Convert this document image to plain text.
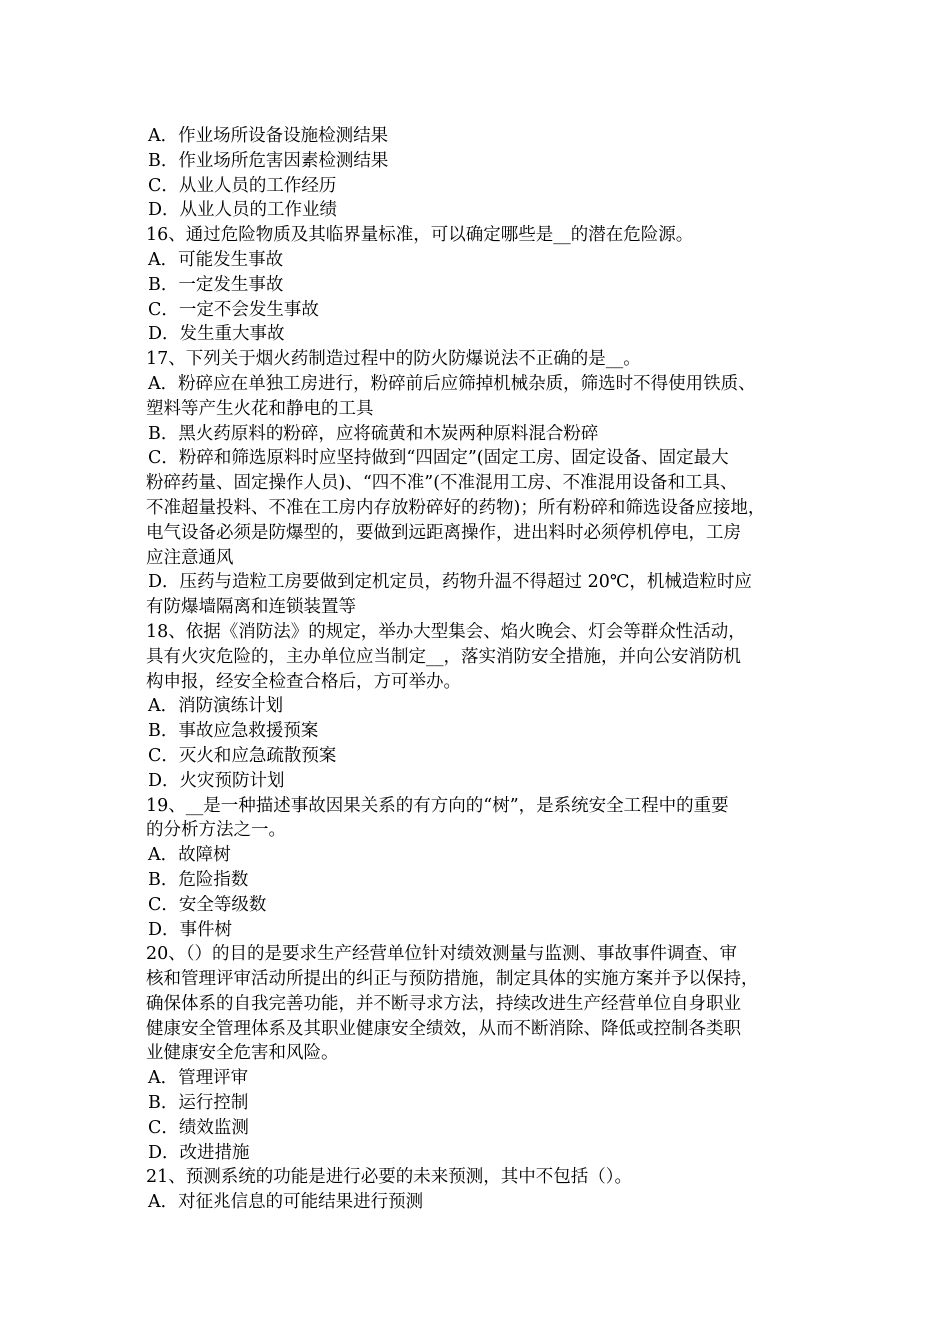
A．作业场所设备设施检测结果

B．作业场所危害因素检测结果

C．从业人员的工作经历

D．从业人员的工作业绩

16、通过危险物质及其临界量标准，可以确定哪些是__的潜在危险源。

A．可能发生事故

B．一定发生事故

C．一定不会发生事故

D．发生重大事故

17、下列关于烟火药制造过程中的防火防爆说法不正确的是__。

A．粉碎应在单独工房进行，粉碎前后应筛掉机械杂质，筛选时不得使用铁质、

塑料等产生火花和静电的工具

B．黑火药原料的粉碎，应将硫黄和木炭两种原料混合粉碎

C．粉碎和筛选原料时应坚持做到“四固定”(固定工房、固定设备、固定最大

粉碎药量、固定操作人员)、“四不准”(不准混用工房、不准混用设备和工具、

不准超量投料、不准在工房内存放粉碎好的药物)；所有粉碎和筛选设备应接地，

电气设备必须是防爆型的，要做到远距离操作，进出料时必须停机停电，工房

应注意通风

D．压药与造粒工房要做到定机定员，药物升温不得超过 20℃，机械造粒时应

有防爆墙隔离和连锁装置等

18、依据《消防法》的规定，举办大型集会、焰火晚会、灯会等群众性活动，

具有火灾危险的，主办单位应当制定__，落实消防安全措施，并向公安消防机

构申报，经安全检查合格后，方可举办。

A．消防演练计划

B．事故应急救援预案

C．灭火和应急疏散预案

D．火灾预防计划

19、__是一种描述事故因果关系的有方向的“树”，是系统安全工程中的重要

的分析方法之一。

A．故障树

B．危险指数

C．安全等级数

D．事件树

20、（）的目的是要求生产经营单位针对绩效测量与监测、事故事件调查、审

核和管理评审活动所提出的纠正与预防措施，制定具体的实施方案并予以保持，

确保体系的自我完善功能，并不断寻求方法，持续改进生产经营单位自身职业

健康安全管理体系及其职业健康安全绩效，从而不断消除、降低或控制各类职

业健康安全危害和风险。

A．管理评审

B．运行控制

C．绩效监测

D．改进措施

21、预测系统的功能是进行必要的未来预测，其中不包括（）。

A．对征兆信息的可能结果进行预测
